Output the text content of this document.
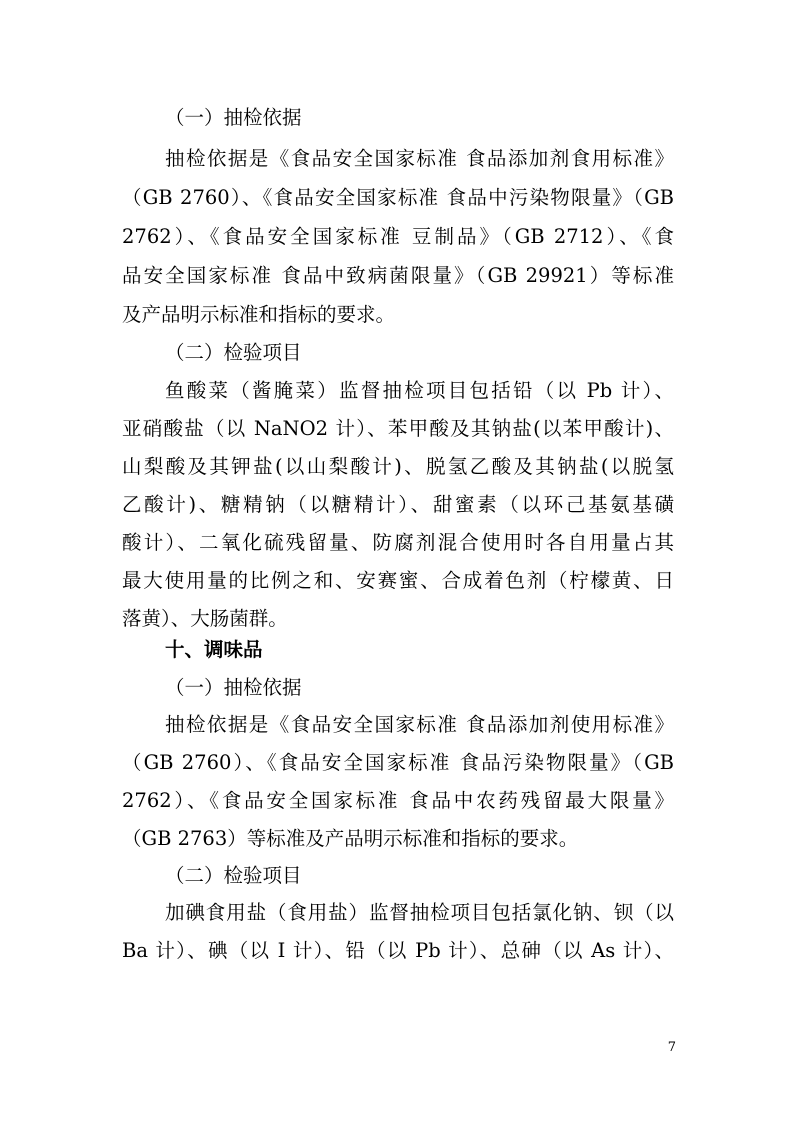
（一）抽检依据
抽检依据是《食品安全国家标准 食品添加剂食用标准》
（GB 2760）、《食品安全国家标准 食品中污染物限量》（GB
2762）、《食品安全国家标准 豆制品》（GB 2712）、《食
品安全国家标准 食品中致病菌限量》（GB 29921）等标准
及产品明示标准和指标的要求。
（二）检验项目
鱼酸菜（酱腌菜）监督抽检项目包括铅（以 Pb 计）、
亚硝酸盐（以 NaNO2 计）、苯甲酸及其钠盐(以苯甲酸计)、
山梨酸及其钾盐(以山梨酸计)、脱氢乙酸及其钠盐(以脱氢
乙酸计)、糖精钠（以糖精计）、甜蜜素（以环己基氨基磺
酸计）、二氧化硫残留量、防腐剂混合使用时各自用量占其
最大使用量的比例之和、安赛蜜、合成着色剂（柠檬黄、日
落黄）、大肠菌群。
十、调味品
（一）抽检依据
抽检依据是《食品安全国家标准 食品添加剂使用标准》
（GB 2760）、《食品安全国家标准 食品污染物限量》（GB
2762）、《食品安全国家标准 食品中农药残留最大限量》
（GB 2763）等标准及产品明示标准和指标的要求。
（二）检验项目
加碘食用盐（食用盐）监督抽检项目包括氯化钠、钡（以
Ba 计）、碘（以 I 计）、铅（以 Pb 计）、总砷（以 As 计）、
7
